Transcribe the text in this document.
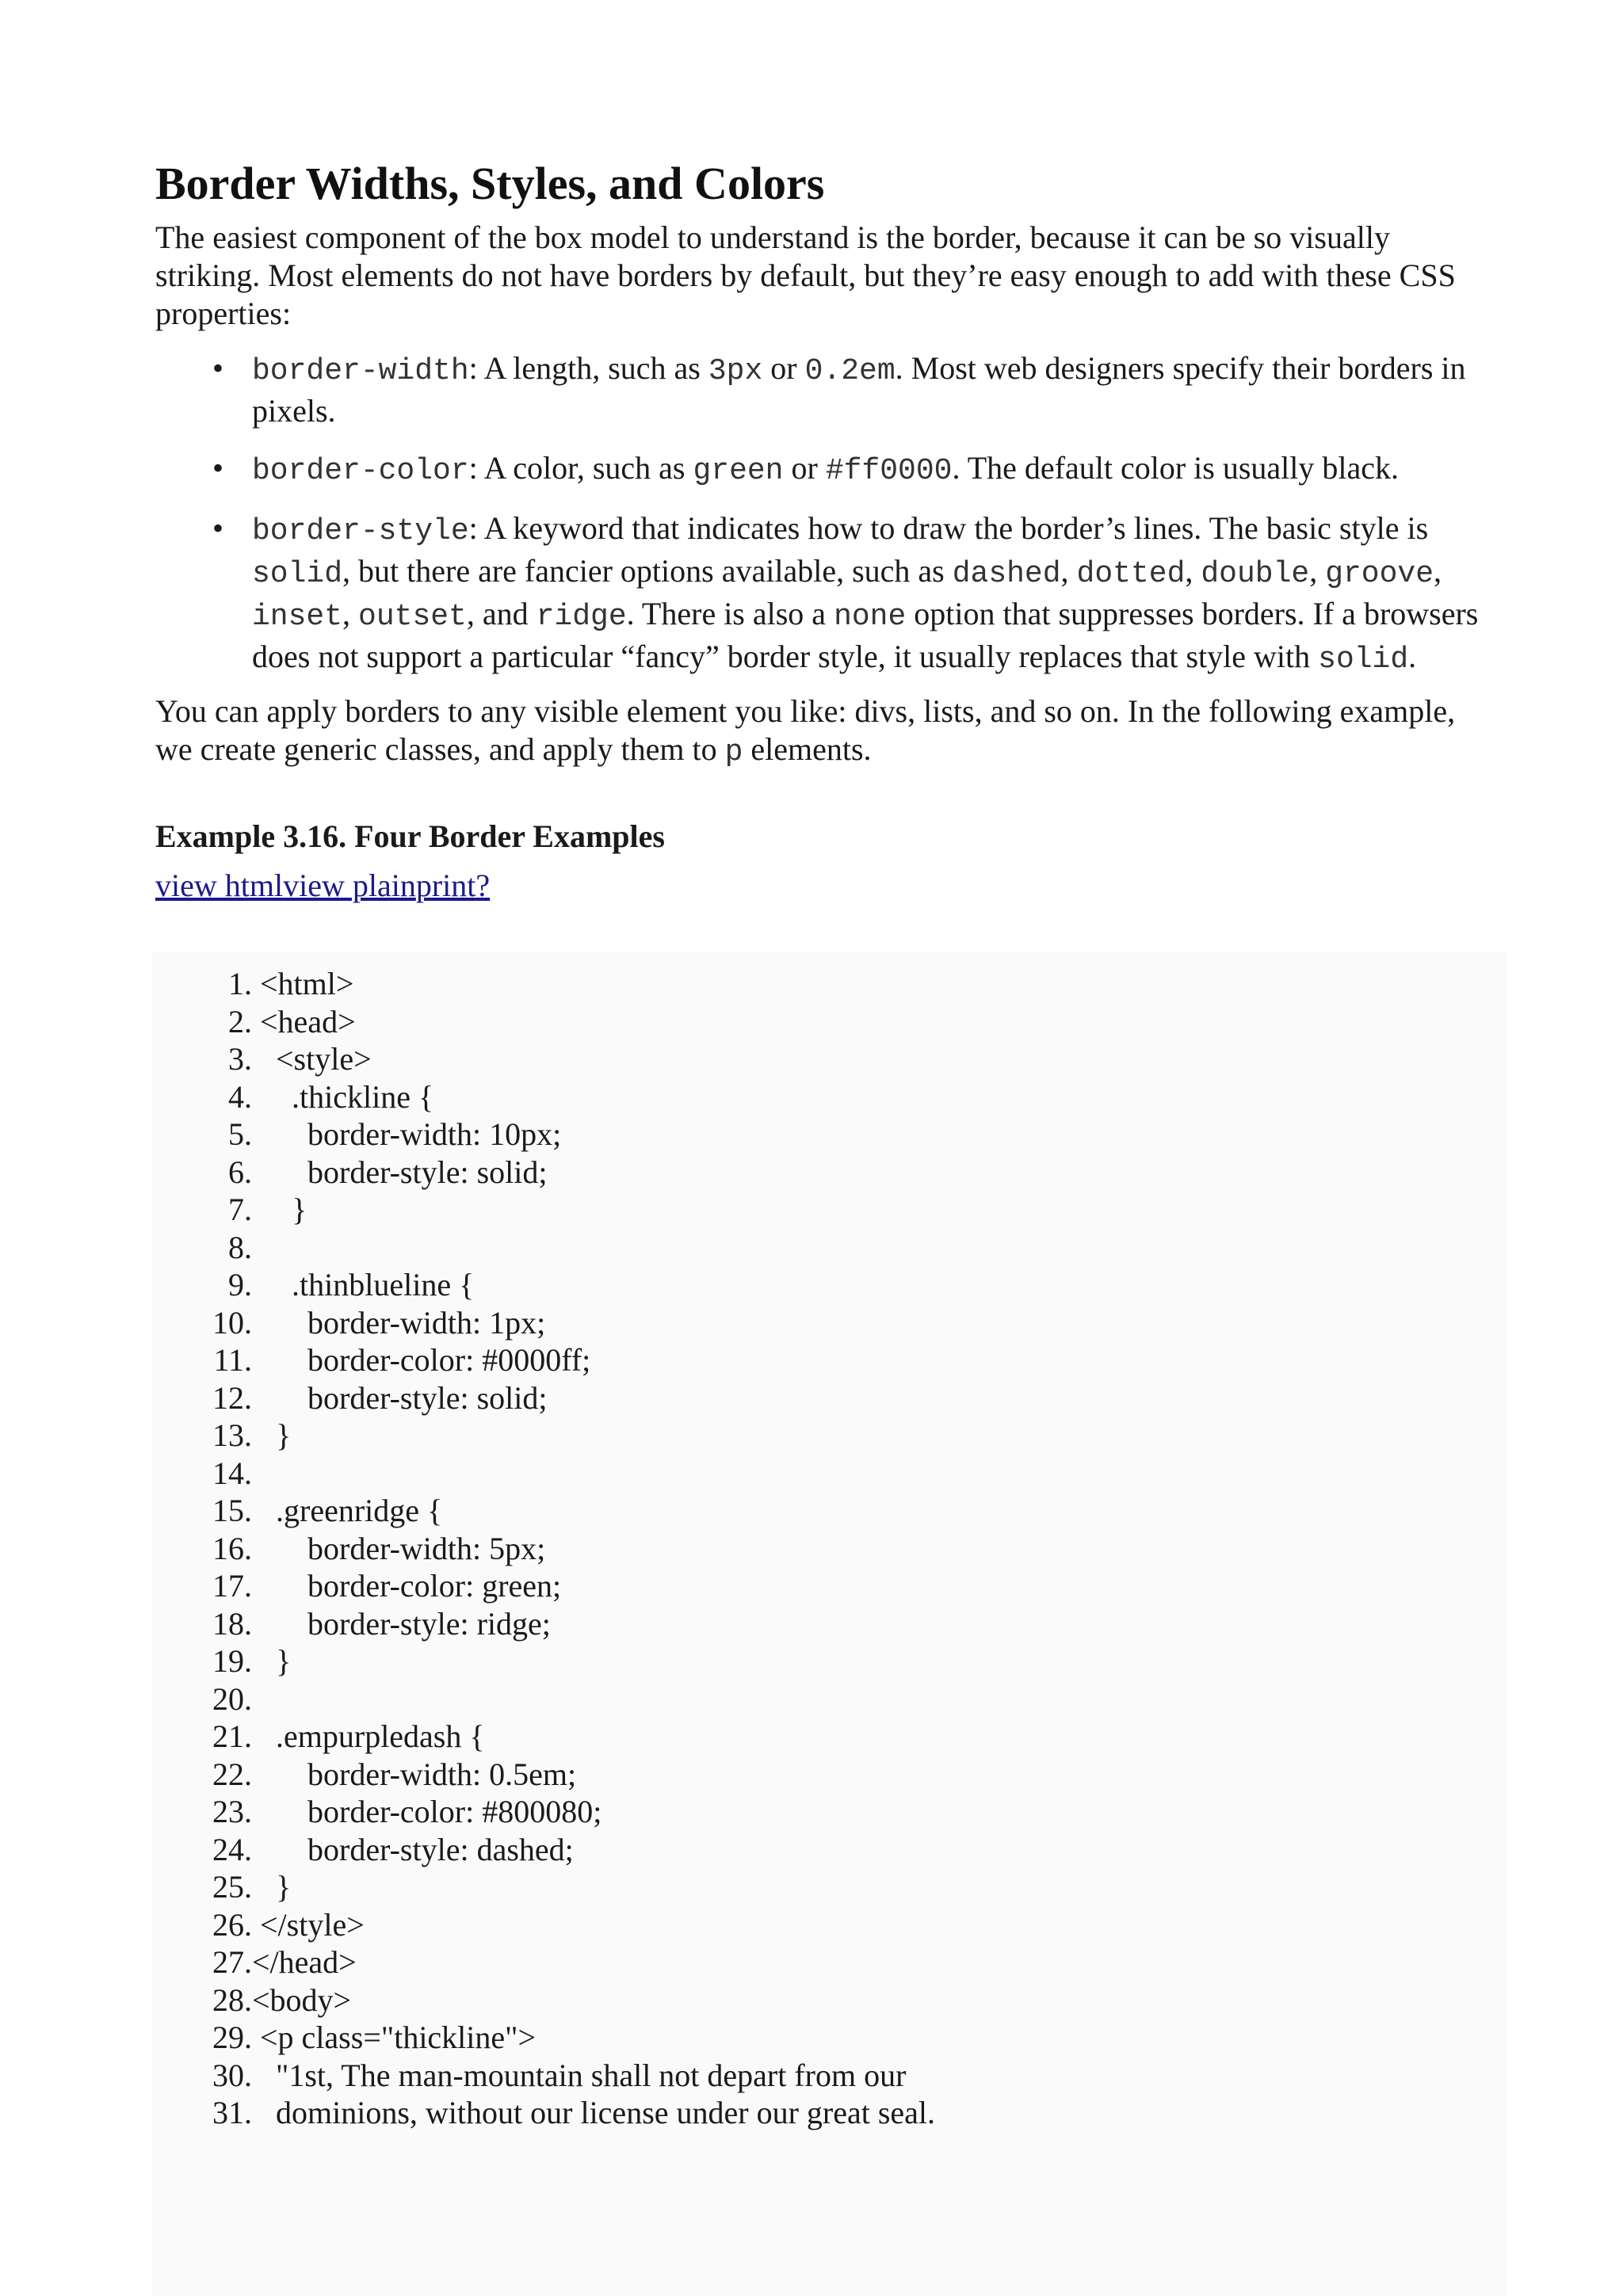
Border Widths, Styles, and Colors

The easiest component of the box model to understand is the border, because it can be so visually striking. Most elements do not have borders by default, but they’re easy enough to add with these CSS properties:

• border-width: A length, such as 3px or 0.2em. Most web designers specify their borders in pixels.
• border-color: A color, such as green or #ff0000. The default color is usually black.
• border-style: A keyword that indicates how to draw the border’s lines. The basic style is solid, but there are fancier options available, such as dashed, dotted, double, groove, inset, outset, and ridge. There is also a none option that suppresses borders. If a browsers does not support a particular “fancy” border style, it usually replaces that style with solid.

You can apply borders to any visible element you like: divs, lists, and so on. In the following example, we create generic classes, and apply them to p elements.

Example 3.16. Four Border Examples
view htmlview plainprint?
1. <html>
2. <head>
3.   <style>
4.     .thickline {
5.       border-width: 10px;
6.       border-style: solid;
7.     }
8.
9.     .thinblueline {
10.       border-width: 1px;
11.       border-color: #0000ff;
12.       border-style: solid;
13.   }
14.
15.   .greenridge {
16.       border-width: 5px;
17.       border-color: green;
18.       border-style: ridge;
19.   }
20.
21.   .empurpledash {
22.       border-width: 0.5em;
23.       border-color: #800080;
24.       border-style: dashed;
25.   }
26. </style>
27.</head>
28.<body>
29. <p class="thickline">
30.   "1st, The man-mountain shall not depart from our
31.   dominions, without our license under our great seal.
